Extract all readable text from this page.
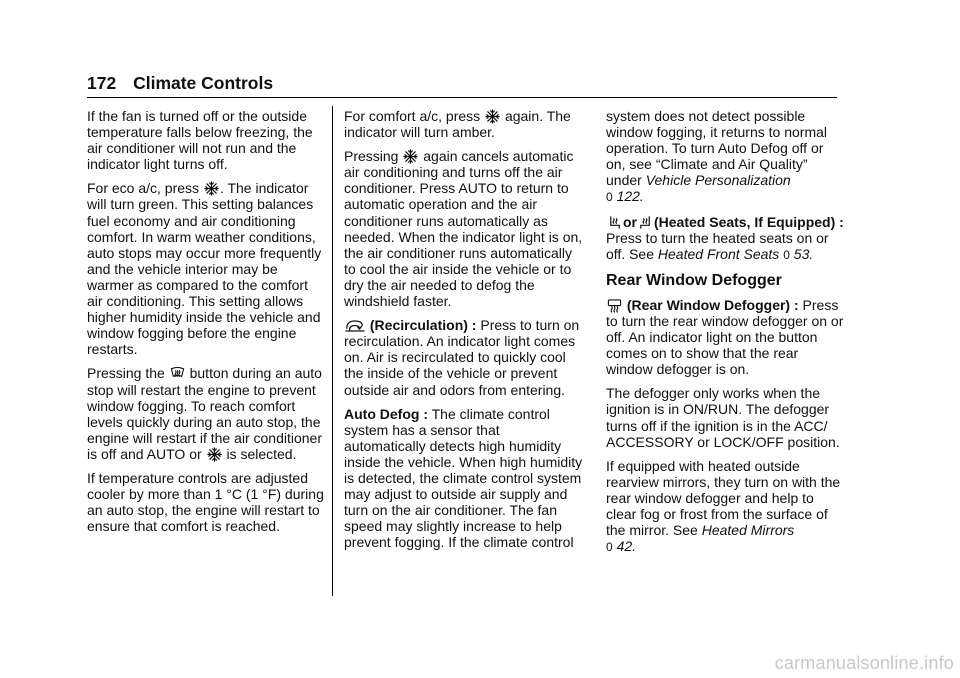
172 Climate Controls

If the fan is turned off or the outside temperature falls below freezing, the air conditioner will not run and the indicator light turns off.

For eco a/c, press . The indicator will turn green. This setting balances fuel economy and air conditioning comfort. In warm weather conditions, auto stops may occur more frequently and the vehicle interior may be warmer as compared to the comfort air conditioning. This setting allows higher humidity inside the vehicle and window fogging before the engine restarts.

Pressing the button during an auto stop will restart the engine to prevent window fogging. To reach comfort levels quickly during an auto stop, the engine will restart if the air conditioner is off and AUTO or is selected.

If temperature controls are adjusted cooler by more than 1 °C (1 °F) during an auto stop, the engine will restart to ensure that comfort is reached.

For comfort a/c, press again. The indicator will turn amber.

Pressing again cancels automatic air conditioning and turns off the air conditioner. Press AUTO to return to automatic operation and the air conditioner runs automatically as needed. When the indicator light is on, the air conditioner runs automatically to cool the air inside the vehicle or to dry the air needed to defog the windshield faster.

(Recirculation) : Press to turn on recirculation. An indicator light comes on. Air is recirculated to quickly cool the inside of the vehicle or prevent outside air and odors from entering.

Auto Defog : The climate control system has a sensor that automatically detects high humidity inside the vehicle. When high humidity is detected, the climate control system may adjust to outside air supply and turn on the air conditioner. The fan speed may slightly increase to help prevent fogging. If the climate control

system does not detect possible window fogging, it returns to normal operation. To turn Auto Defog off or on, see “Climate and Air Quality” under Vehicle Personalization
0 122.

or (Heated Seats, If Equipped) : Press to turn the heated seats on or off. See Heated Front Seats 0 53.

Rear Window Defogger

(Rear Window Defogger) : Press to turn the rear window defogger on or off. An indicator light on the button comes on to show that the rear window defogger is on.

The defogger only works when the ignition is in ON/RUN. The defogger turns off if the ignition is in the ACC/ ACCESSORY or LOCK/OFF position.

If equipped with heated outside rearview mirrors, they turn on with the rear window defogger and help to clear fog or frost from the surface of the mirror. See Heated Mirrors
0 42.

carmanualsonline.info
